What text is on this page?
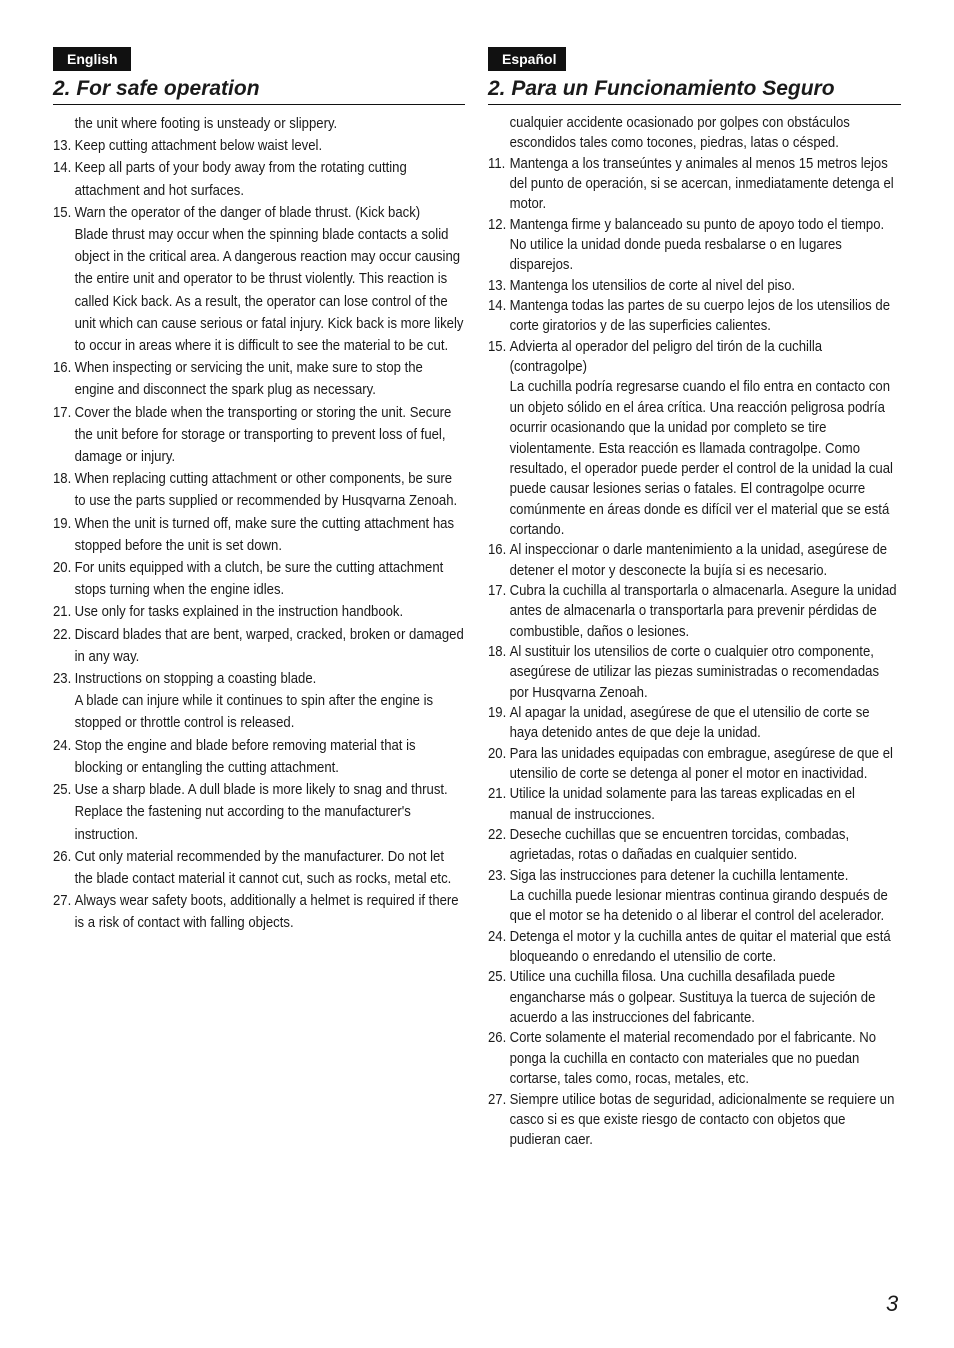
English
2. For safe operation
the unit where footing is unsteady or slippery.
13. Keep cutting attachment below waist level.
14. Keep all parts of your body away from the rotating cutting attachment and hot surfaces.
15. Warn the operator of the danger of blade thrust. (Kick back)
Blade thrust may occur when the spinning blade contacts a solid object in the critical area. A dangerous reaction may occur causing the entire unit and operator to be thrust violently. This reaction is called Kick back. As a result, the operator can lose control of the unit which can cause serious or fatal injury. Kick back is more likely to occur in areas where it is difficult to see the material to be cut.
16. When inspecting or servicing the unit, make sure to stop the engine and disconnect the spark plug as necessary.
17. Cover the blade when the transporting or storing the unit. Secure the unit before for storage or transporting to prevent loss of fuel, damage or injury.
18. When replacing cutting attachment or other components, be sure to use the parts supplied or recommended by Husqvarna Zenoah.
19. When the unit is turned off, make sure the cutting attachment has stopped before the unit is set down.
20. For units equipped with a clutch, be sure the cutting attachment stops turning when the engine idles.
21. Use only for tasks explained in the instruction handbook.
22. Discard blades that are bent, warped, cracked, broken or damaged in any way.
23. Instructions on stopping a coasting blade.
A blade can injure while it continues to spin after the engine is stopped or throttle control is released.
24. Stop the engine and blade before removing material that is blocking or entangling the cutting attachment.
25. Use a sharp blade. A dull blade is more likely to snag and thrust. Replace the fastening nut according to the manufacturer's instruction.
26. Cut only material recommended by the manufacturer. Do not let the blade contact material it cannot cut, such as rocks, metal etc.
27. Always wear safety boots, additionally a helmet is required if there is a risk of contact with falling objects.
Español
2. Para un Funcionamiento Seguro
cualquier accidente ocasionado por golpes con obstáculos escondidos tales como tocones, piedras, latas o césped.
11. Mantenga a los transeúntes y animales al menos 15 metros lejos del punto de operación, si se acercan, inmediatamente detenga el motor.
12. Mantenga firme y balanceado su punto de apoyo todo el tiempo. No utilice la unidad donde pueda resbalarse o en lugares disparejos.
13. Mantenga los utensilios de corte al nivel del piso.
14. Mantenga todas las partes de su cuerpo lejos de los utensilios de corte giratorios y de las superficies calientes.
15. Advierta al operador del peligro del tirón de la cuchilla (contragolpe)
La cuchilla podría regresarse cuando el filo entra en contacto con un objeto sólido en el área crítica. Una reacción peligrosa podría ocurrir ocasionando que la unidad por completo se tire violentamente. Esta reacción es llamada contragolpe. Como resultado, el operador puede perder el control de la unidad la cual puede causar lesiones serias o fatales. El contragolpe ocurre comúnmente en áreas donde es difícil ver el material que se está cortando.
16. Al inspeccionar o darle mantenimiento a la unidad, asegúrese de detener el motor y desconecte la bujía si es necesario.
17. Cubra la cuchilla al transportarla o almacenarla. Asegure la unidad antes de almacenarla o transportarla para prevenir pérdidas de combustible, daños o lesiones.
18. Al sustituir los utensilios de corte o cualquier otro componente, asegúrese de utilizar las piezas suministradas o recomendadas por Husqvarna Zenoah.
19. Al apagar la unidad, asegúrese de que el utensilio de corte se haya detenido antes de que deje la unidad.
20. Para las unidades equipadas con embrague, asegúrese de que el utensilio de corte se detenga al poner el motor en inactividad.
21. Utilice la unidad solamente para las tareas explicadas en el manual de instrucciones.
22. Deseche cuchillas que se encuentren torcidas, combadas, agrietadas, rotas o dañadas en cualquier sentido.
23. Siga las instrucciones para detener la cuchilla lentamente.
La cuchilla puede lesionar mientras continua girando después de que el motor se ha detenido o al liberar el control del acelerador.
24. Detenga el motor y la cuchilla antes de quitar el material que está bloqueando o enredando el utensilio de corte.
25. Utilice una cuchilla filosa. Una cuchilla desafilada puede engancharse más o golpear. Sustituya la tuerca de sujeción de acuerdo a las instrucciones del fabricante.
26. Corte solamente el material recomendado por el fabricante. No ponga la cuchilla en contacto con materiales que no puedan cortarse, tales como, rocas, metales, etc.
27. Siempre utilice botas de seguridad, adicionalmente se requiere un casco si es que existe riesgo de contacto con objetos que pudieran caer.
3
